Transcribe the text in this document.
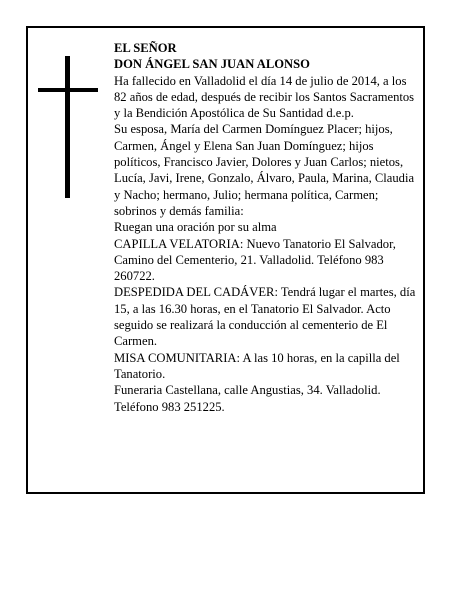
EL SEÑOR

DON ÁNGEL SAN JUAN ALONSO

Ha fallecido en Valladolid el día 14 de julio de 2014, a los 82 años de edad, después de recibir los Santos Sacramentos y la Bendición Apostólica de Su Santidad d.e.p.

Su esposa, María del Carmen Domínguez Placer; hijos, Carmen, Ángel y Elena San Juan Domínguez; hijos políticos, Francisco Javier, Dolores y Juan Carlos; nietos, Lucía, Javi, Irene, Gonzalo, Álvaro, Paula, Marina, Claudia y Nacho; hermano, Julio; hermana política, Carmen; sobrinos y demás familia:

Ruegan una oración por su alma

CAPILLA VELATORIA: Nuevo Tanatorio El Salvador, Camino del Cementerio, 21. Valladolid. Teléfono 983 260722.

DESPEDIDA DEL CADÁVER: Tendrá lugar el martes, día 15, a las 16.30 horas, en el Tanatorio El Salvador. Acto seguido se realizará la conducción al cementerio de El Carmen.

MISA COMUNITARIA: A las 10 horas, en la capilla del Tanatorio.

Funeraria Castellana, calle Angustias, 34. Valladolid. Teléfono 983 251225.
